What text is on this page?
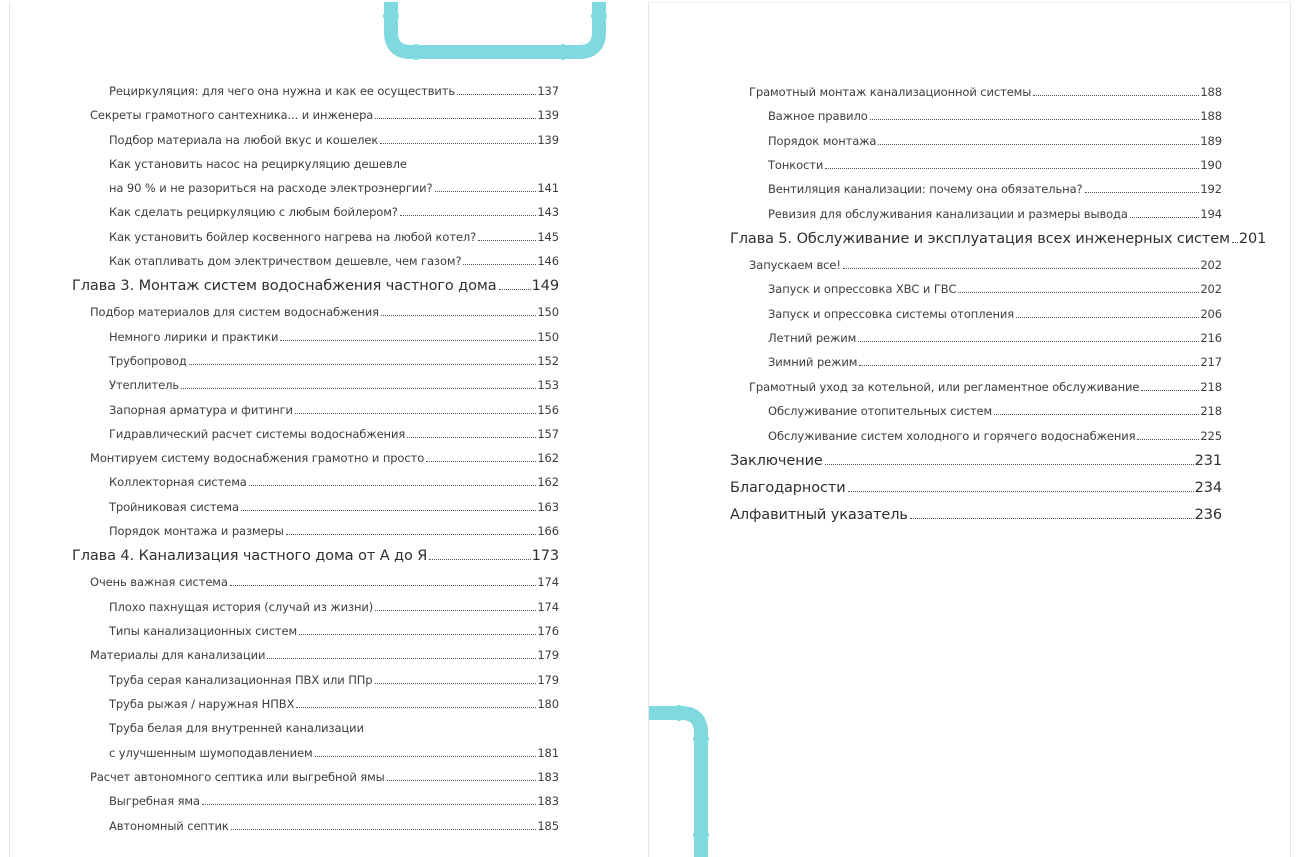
Рециркуляция: для чего она нужна и как ее осуществить	137
Секреты грамотного сантехника... и инженера	139
Подбор материала на любой вкус и кошелек	139
Как установить насос на рециркуляцию дешевле
на 90 % и не разориться на расходе электроэнергии?	141
Как сделать рециркуляцию с любым бойлером?	143
Как установить бойлер косвенного нагрева на любой котел?	145
Как отапливать дом электричеством дешевле, чем газом?	146
Глава 3. Монтаж систем водоснабжения частного дома 149
Подбор материалов для систем водоснабжения	150
Немного лирики и практики	150
Трубопровод	152
Утеплитель	153
Запорная арматура и фитинги	156
Гидравлический расчет системы водоснабжения	157
Монтируем систему водоснабжения грамотно и просто	162
Коллекторная система	162
Тройниковая система	163
Порядок монтажа и размеры	166
Глава 4. Канализация частного дома от А до Я	173
Очень важная система	174
Плохо пахнущая история (случай из жизни)	174
Типы канализационных систем	176
Материалы для канализации	179
Труба серая канализационная ПВХ или ППр	179
Труба рыжая / наружная НПВХ	180
Труба белая для внутренней канализации
с улучшенным шумоподавлением	181
Расчет автономного септика или выгребной ямы	183
Выгребная яма	183
Автономный септик	185
Грамотный монтаж канализационной системы	188
Важное правило	188
Порядок монтажа	189
Тонкости	190
Вентиляция канализации: почему она обязательна?	192
Ревизия для обслуживания канализации и размеры вывода	194
Глава 5. Обслуживание и эксплуатация всех инженерных систем 201
Запускаем все!	202
Запуск и опрессовка ХВС и ГВС	202
Запуск и опрессовка системы отопления	206
Летний режим	216
Зимний режим	217
Грамотный уход за котельной, или регламентное обслуживание	218
Обслуживание отопительных систем	218
Обслуживание систем холодного и горячего водоснабжения	225
Заключение	231
Благодарности	234
Алфавитный указатель	236
